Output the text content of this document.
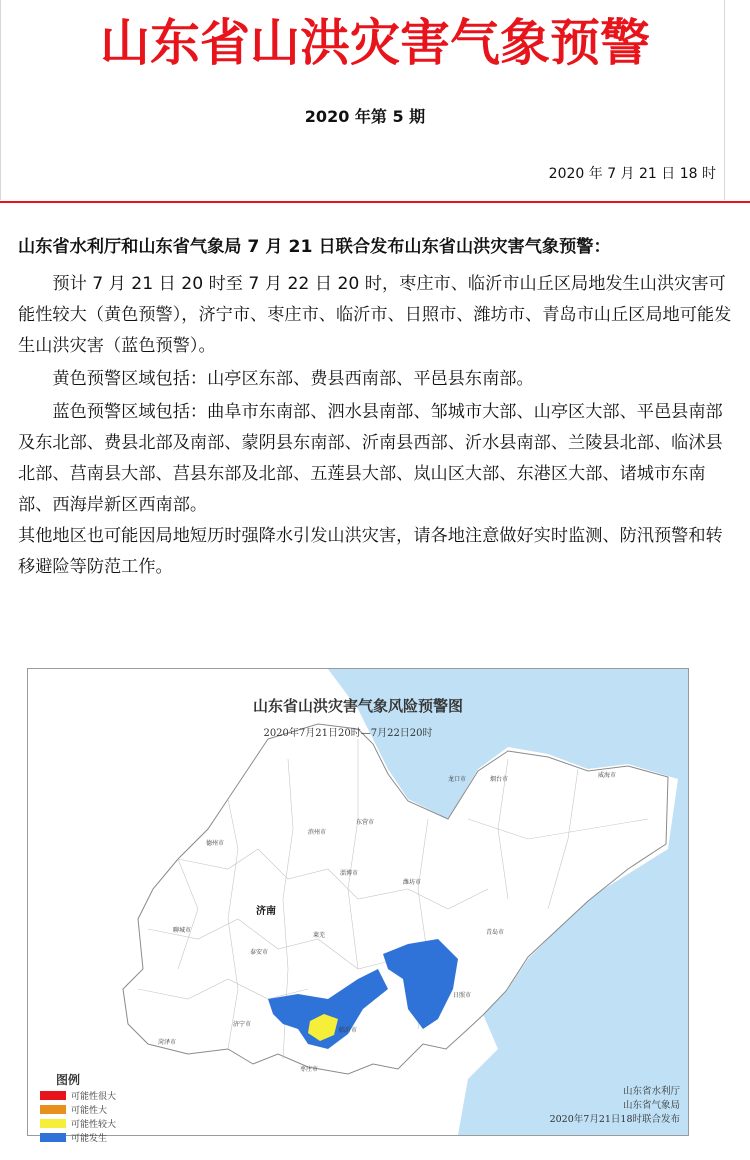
山东省山洪灾害气象预警
2020 年第 5 期
2020 年 7 月 21 日 18 时

山东省水利厅和山东省气象局 7 月 21 日联合发布山东省山洪灾害气象预警：

预计 7 月 21 日 20 时至 7 月 22 日 20 时，枣庄市、临沂市山丘区局地发生山洪灾害可能性较大（黄色预警），济宁市、枣庄市、临沂市、日照市、潍坊市、青岛市山丘区局地可能发生山洪灾害（蓝色预警）。

黄色预警区域包括：山亭区东部、费县西南部、平邑县东南部。

蓝色预警区域包括：曲阜市东南部、泗水县南部、邹城市大部、山亭区大部、平邑县南部及东北部、费县北部及南部、蒙阴县东南部、沂南县西部、沂水县南部、兰陵县北部、临沭县北部、莒南县大部、莒县东部及北部、五莲县大部、岚山区大部、东港区大部、诸城市东南部、西海岸新区西南部。

其他地区也可能因局地短历时强降水引发山洪灾害，请各地注意做好实时监测、防汛预警和转移避险等防范工作。

德州市
滨州市
东营市
淄博市
潍坊市
烟台市
威海市
龙口市
青岛市
日照市
临沂市
枣庄市
济宁市
菏泽市
聊城市
泰安市
莱芜
济南
山东省山洪灾害气象风险预警图
2020年7月21日20时—7月22日20时
图例
可能性很大
可能性大
可能性较大
可能发生
山东省水利厅
山东省气象局
2020年7月21日18时联合发布
